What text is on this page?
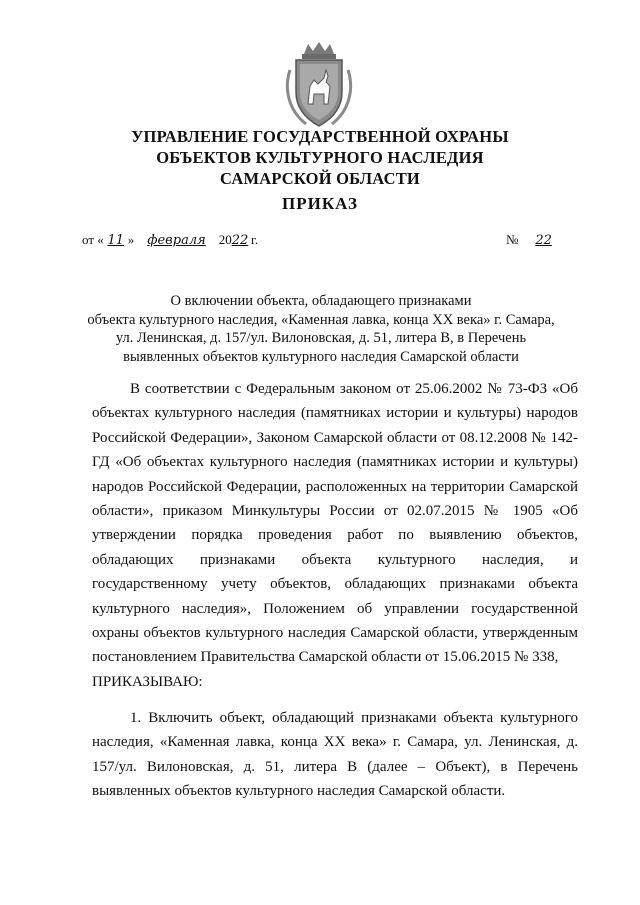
УПРАВЛЕНИЕ ГОСУДАРСТВЕННОЙ ОХРАНЫ
ОБЪЕКТОВ КУЛЬТУРНОГО НАСЛЕДИЯ
САМАРСКОЙ ОБЛАСТИ
ПРИКАЗ
от « 11 » февраля 2022 г.	№ 22
О включении объекта, обладающего признаками
объекта культурного наследия, «Каменная лавка, конца XX века» г. Самара,
ул. Ленинская, д. 157/ул. Вилоновская, д. 51, литера В, в Перечень
выявленных объектов культурного наследия Самарской области

В соответствии с Федеральным законом от 25.06.2002 № 73-ФЗ «Об объектах культурного наследия (памятниках истории и культуры) народов Российской Федерации», Законом Самарской области от 08.12.2008 № 142-ГД «Об объектах культурного наследия (памятниках истории и культуры) народов Российской Федерации, расположенных на территории Самарской области», приказом Минкультуры России от 02.07.2015 № 1905 «Об утверждении порядка проведения работ по выявлению объектов, обладающих признаками объекта культурного наследия, и государственному учету объектов, обладающих признаками объекта культурного наследия», Положением об управлении государственной охраны объектов культурного наследия Самарской области, утвержденным постановлением Правительства Самарской области от 15.06.2015 № 338,

ПРИКАЗЫВАЮ:

1. Включить объект, обладающий признаками объекта культурного наследия, «Каменная лавка, конца XX века» г. Самара, ул. Ленинская, д. 157/ул. Вилоновская, д. 51, литера В (далее – Объект), в Перечень выявленных объектов культурного наследия Самарской области.
